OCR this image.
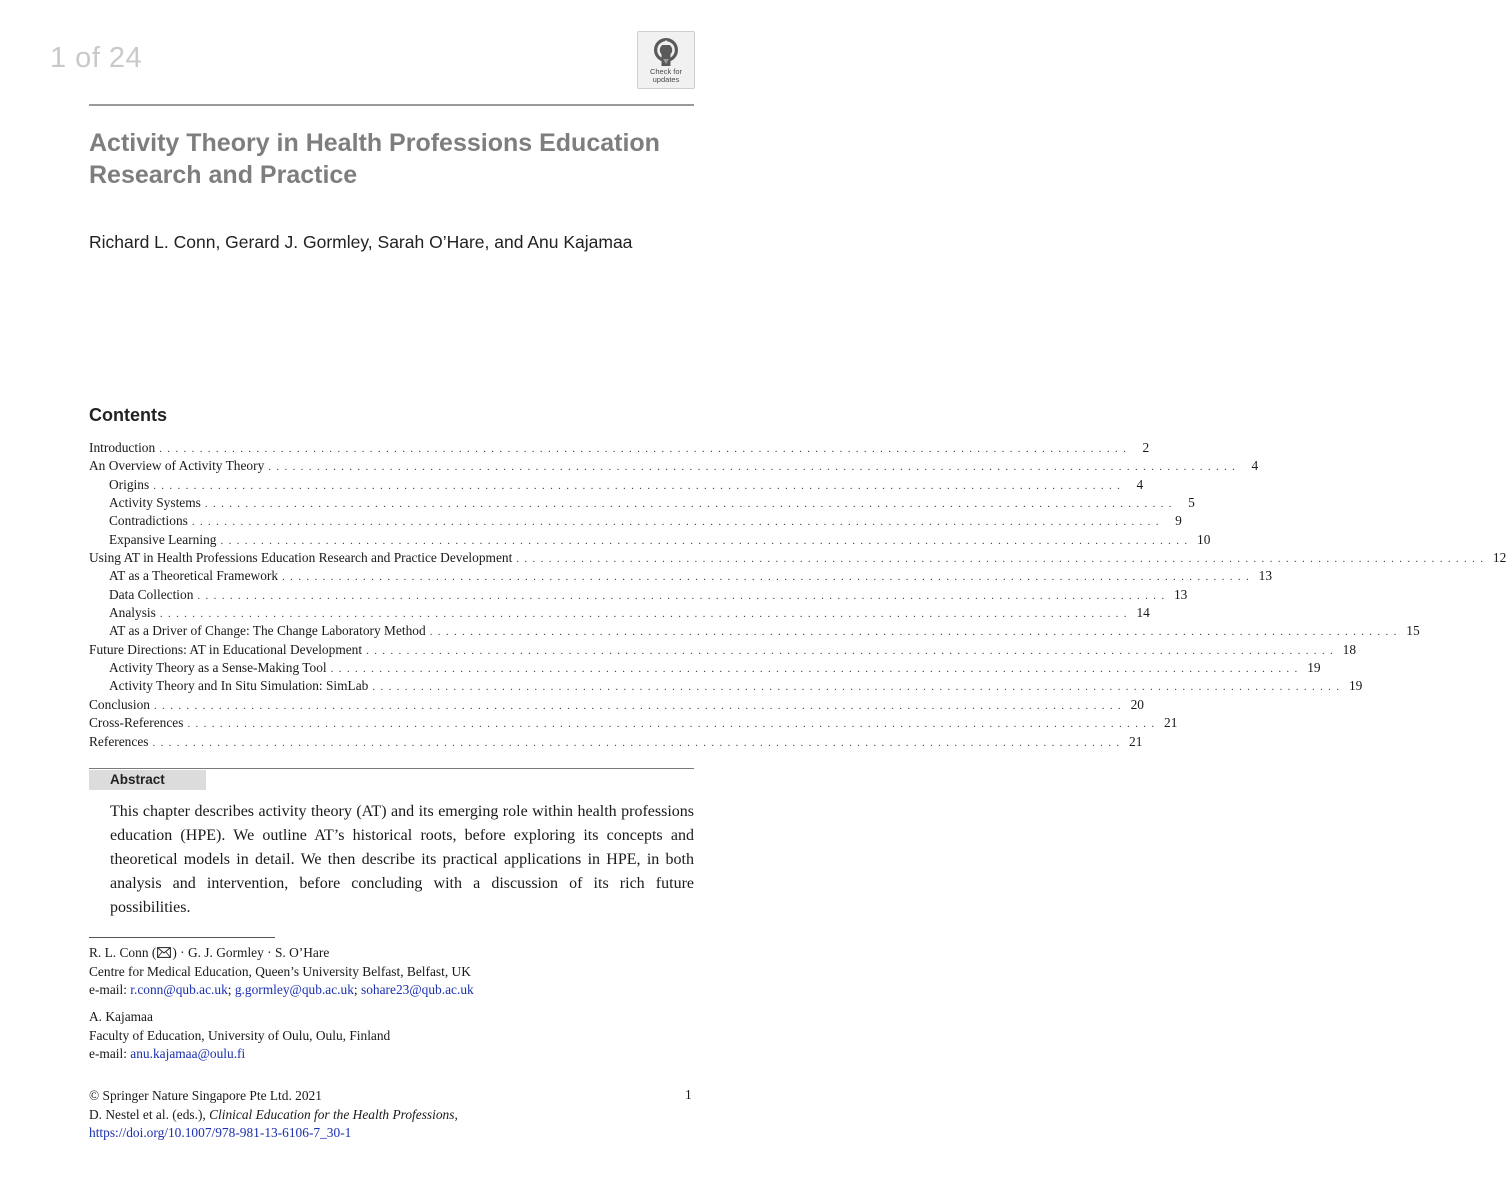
1 of 24	Check for
updates
Activity Theory in Health Professions Education Research and Practice
Richard L. Conn, Gerard J. Gormley, Sarah O’Hare, and Anu Kajamaa
Contents
Introduction . . . . . . . . . . . . . . . . . . . . . . . . . . . . . . . . . . . . . . . . . . . . . . . . . . . . . . . . . . . . . . . . . . . . . . . . . . . . . . . . . . . . . . . . . . . . . . . . . . . . . . . . . . . . . . . . . . . . . . . .	2
An Overview of Activity Theory . . . . . . . . . . . . . . . . . . . . . . . . . . . . . . . . . . . . . . . . . . . . . . . . . . . . . . . . . . . . . . . . . . . . . . . . . . . . . . . . . . . . . . . . . . . . . . . . . . . . . . . . . . . . . . . . . . . . . . . .	4
Origins . . . . . . . . . . . . . . . . . . . . . . . . . . . . . . . . . . . . . . . . . . . . . . . . . . . . . . . . . . . . . . . . . . . . . . . . . . . . . . . . . . . . . . . . . . . . . . . . . . . . . . . . . . . . . . . . . . . . . . . .	4
Activity Systems . . . . . . . . . . . . . . . . . . . . . . . . . . . . . . . . . . . . . . . . . . . . . . . . . . . . . . . . . . . . . . . . . . . . . . . . . . . . . . . . . . . . . . . . . . . . . . . . . . . . . . . . . . . . . . . . . . . . . . . .	5
Contradictions . . . . . . . . . . . . . . . . . . . . . . . . . . . . . . . . . . . . . . . . . . . . . . . . . . . . . . . . . . . . . . . . . . . . . . . . . . . . . . . . . . . . . . . . . . . . . . . . . . . . . . . . . . . . . . . . . . . . . . . .	9
Expansive Learning . . . . . . . . . . . . . . . . . . . . . . . . . . . . . . . . . . . . . . . . . . . . . . . . . . . . . . . . . . . . . . . . . . . . . . . . . . . . . . . . . . . . . . . . . . . . . . . . . . . . . . . . . . . . . . . . . . . . . . . . 10
Using AT in Health Professions Education Research and Practice Development . . . . . . . . . . . . . . . . . . . . . . . . . . . . . . . . . . . . . . . . . . . . . . . . . . . . . . . . . . . . . . . . . . . . . . . . . . . . . . . . . . . . . . . . . . . . . . . . . . . . . . . . . . . . . . . . . . . . . . . . 12
AT as a Theoretical Framework . . . . . . . . . . . . . . . . . . . . . . . . . . . . . . . . . . . . . . . . . . . . . . . . . . . . . . . . . . . . . . . . . . . . . . . . . . . . . . . . . . . . . . . . . . . . . . . . . . . . . . . . . . . . . . . . . . . . . . . . 13
Data Collection . . . . . . . . . . . . . . . . . . . . . . . . . . . . . . . . . . . . . . . . . . . . . . . . . . . . . . . . . . . . . . . . . . . . . . . . . . . . . . . . . . . . . . . . . . . . . . . . . . . . . . . . . . . . . . . . . . . . . . . . 13
Analysis . . . . . . . . . . . . . . . . . . . . . . . . . . . . . . . . . . . . . . . . . . . . . . . . . . . . . . . . . . . . . . . . . . . . . . . . . . . . . . . . . . . . . . . . . . . . . . . . . . . . . . . . . . . . . . . . . . . . . . . . 14
AT as a Driver of Change: The Change Laboratory Method . . . . . . . . . . . . . . . . . . . . . . . . . . . . . . . . . . . . . . . . . . . . . . . . . . . . . . . . . . . . . . . . . . . . . . . . . . . . . . . . . . . . . . . . . . . . . . . . . . . . . . . . . . . . . . . . . . . . . . . . 15
Future Directions: AT in Educational Development . . . . . . . . . . . . . . . . . . . . . . . . . . . . . . . . . . . . . . . . . . . . . . . . . . . . . . . . . . . . . . . . . . . . . . . . . . . . . . . . . . . . . . . . . . . . . . . . . . . . . . . . . . . . . . . . . . . . . . . . 18
Activity Theory as a Sense-Making Tool . . . . . . . . . . . . . . . . . . . . . . . . . . . . . . . . . . . . . . . . . . . . . . . . . . . . . . . . . . . . . . . . . . . . . . . . . . . . . . . . . . . . . . . . . . . . . . . . . . . . . . . . . . . . . . . . . . . . . . . . 19
Activity Theory and In Situ Simulation: SimLab . . . . . . . . . . . . . . . . . . . . . . . . . . . . . . . . . . . . . . . . . . . . . . . . . . . . . . . . . . . . . . . . . . . . . . . . . . . . . . . . . . . . . . . . . . . . . . . . . . . . . . . . . . . . . . . . . . . . . . . . 19
Conclusion . . . . . . . . . . . . . . . . . . . . . . . . . . . . . . . . . . . . . . . . . . . . . . . . . . . . . . . . . . . . . . . . . . . . . . . . . . . . . . . . . . . . . . . . . . . . . . . . . . . . . . . . . . . . . . . . . . . . . . . . 20
Cross-References . . . . . . . . . . . . . . . . . . . . . . . . . . . . . . . . . . . . . . . . . . . . . . . . . . . . . . . . . . . . . . . . . . . . . . . . . . . . . . . . . . . . . . . . . . . . . . . . . . . . . . . . . . . . . . . . . . . . . . . . 21
References . . . . . . . . . . . . . . . . . . . . . . . . . . . . . . . . . . . . . . . . . . . . . . . . . . . . . . . . . . . . . . . . . . . . . . . . . . . . . . . . . . . . . . . . . . . . . . . . . . . . . . . . . . . . . . . . . . . . . . . . 21
Abstract

This chapter describes activity theory (AT) and its emerging role within health professions education (HPE). We outline AT’s historical roots, before exploring its concepts and theoretical models in detail. We then describe its practical applications in HPE, in both analysis and intervention, before concluding with a discussion of its rich future possibilities.

R. L. Conn ( ) · G. J. Gormley · S. O’Hare
Centre for Medical Education, Queen’s University Belfast, Belfast, UK
e-mail: r.conn@qub.ac.uk; g.gormley@qub.ac.uk; sohare23@qub.ac.uk
A. Kajamaa
Faculty of Education, University of Oulu, Oulu, Finland
e-mail: anu.kajamaa@oulu.fi
© Springer Nature Singapore Pte Ltd. 2021
D. Nestel et al. (eds.), Clinical Education for the Health Professions,
https://doi.org/10.1007/978-981-13-6106-7_30-1
1
